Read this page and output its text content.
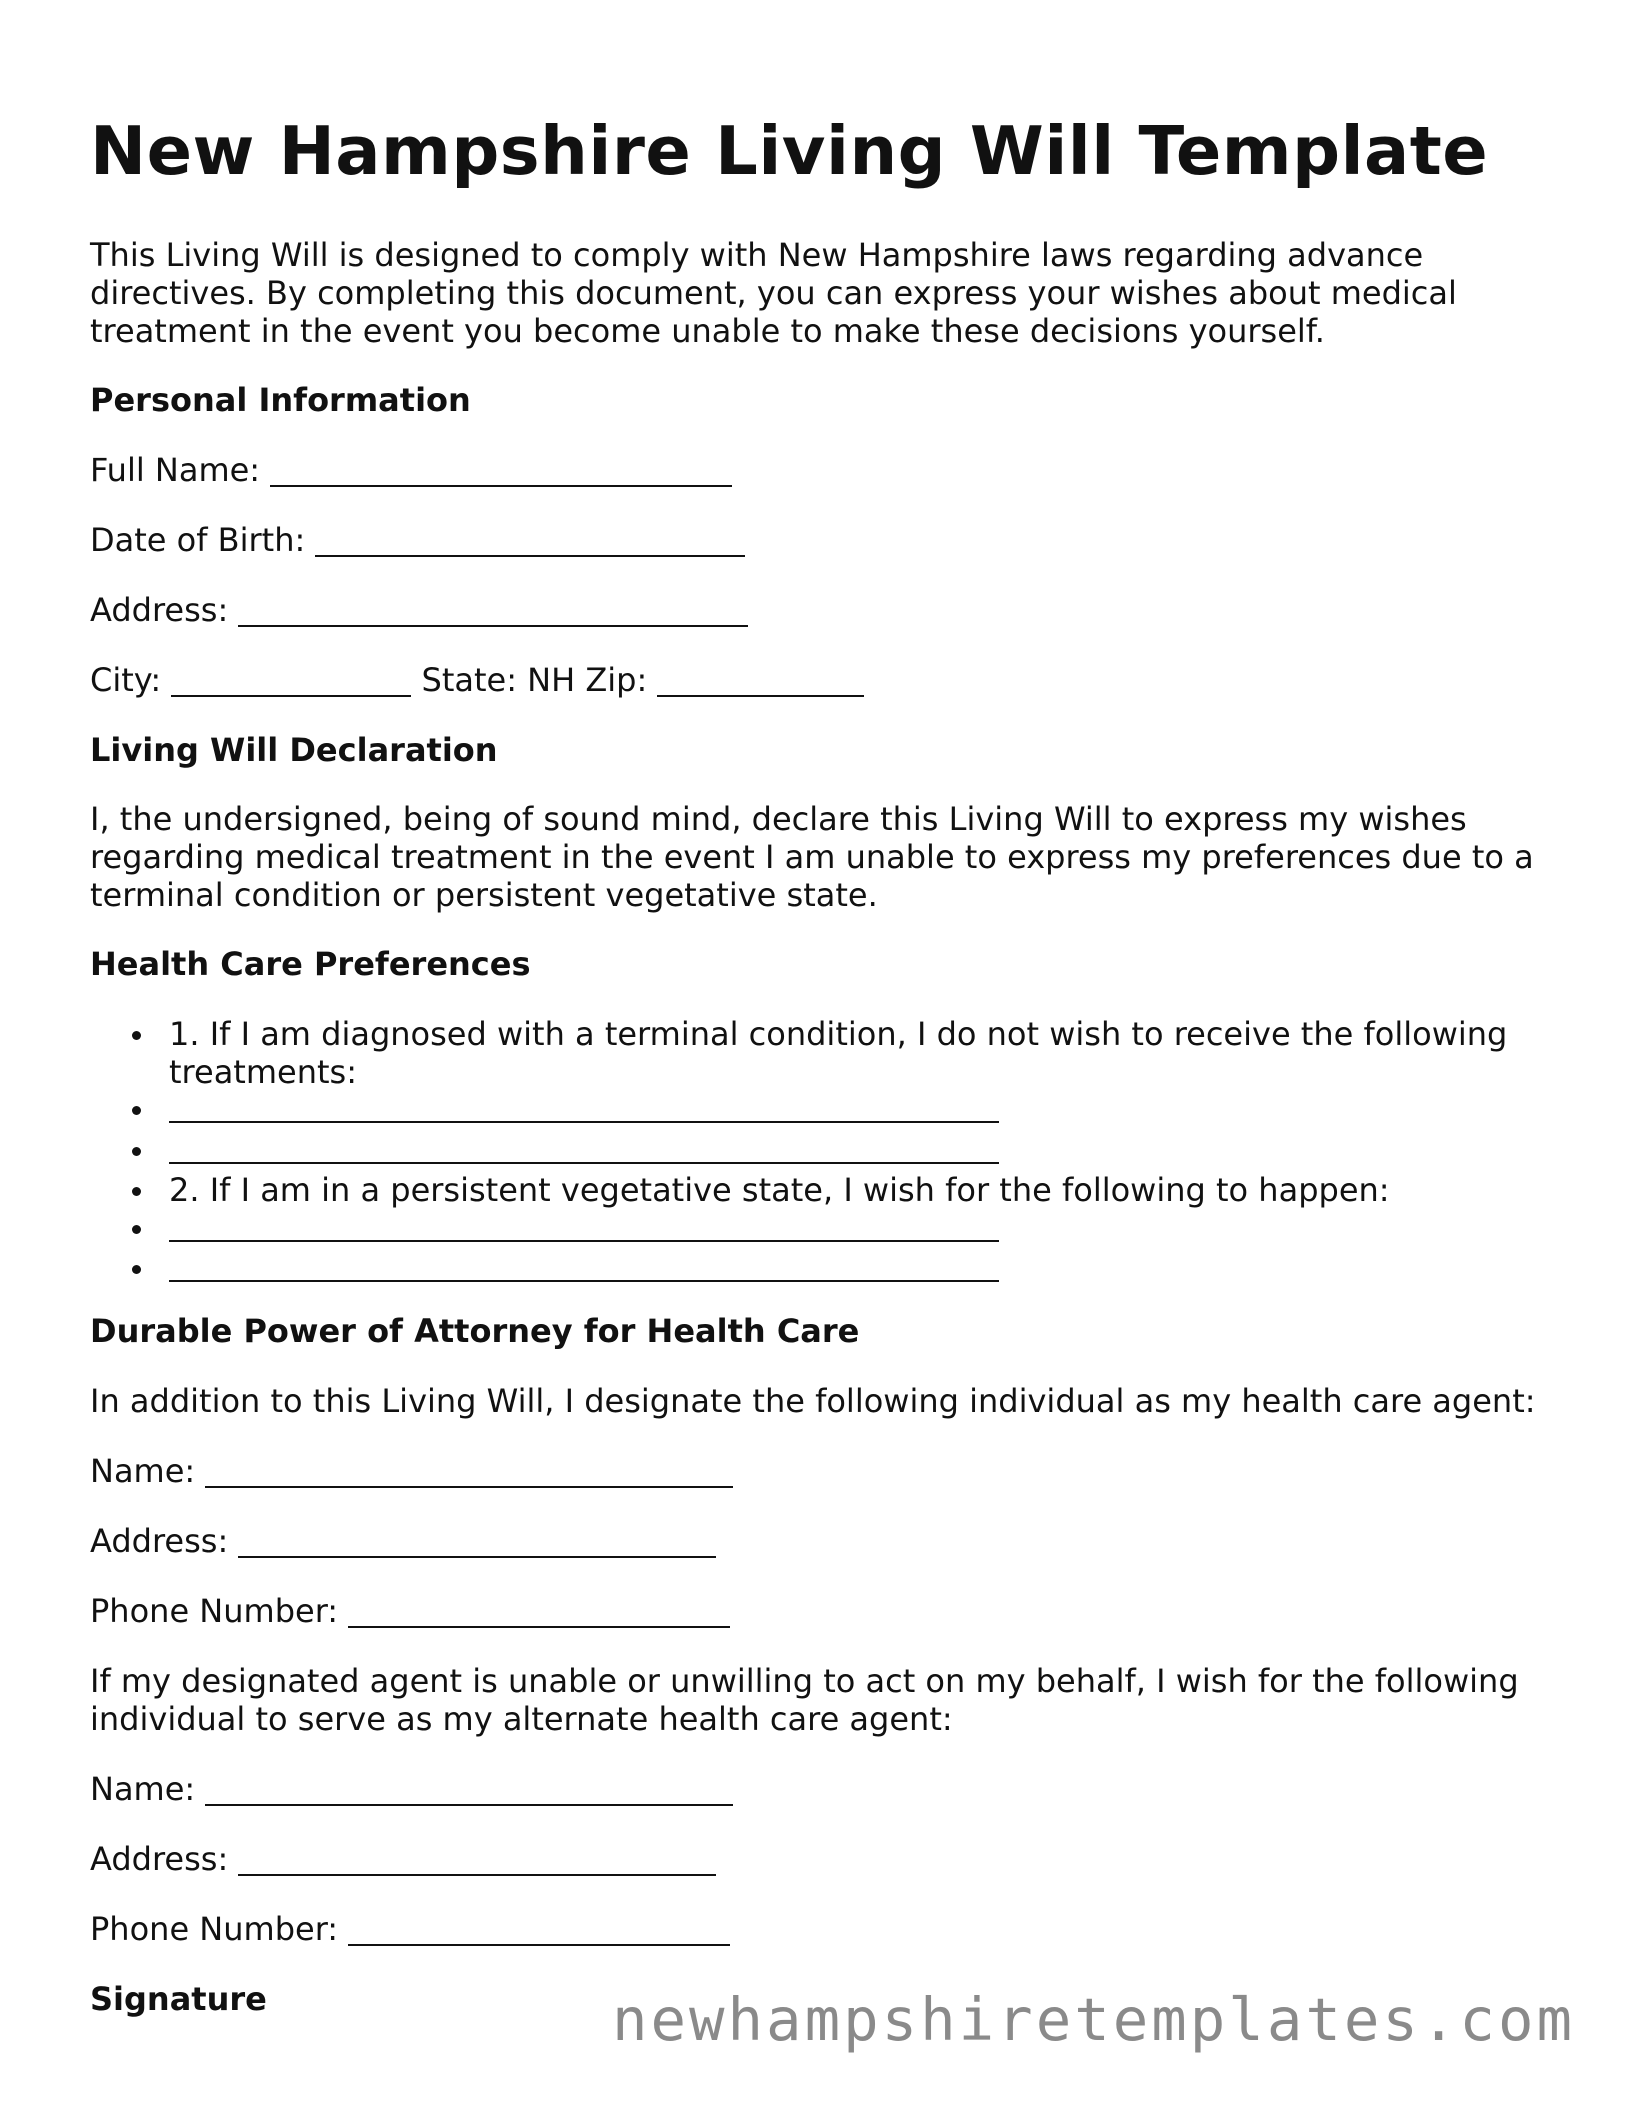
New Hampshire Living Will Template

This Living Will is designed to comply with New Hampshire laws regarding advance directives. By completing this document, you can express your wishes about medical treatment in the event you become unable to make these decisions yourself.

Personal Information

Full Name:

Date of Birth:

Address:

City:	State: NH Zip:

Living Will Declaration

I, the undersigned, being of sound mind, declare this Living Will to express my wishes regarding medical treatment in the event I am unable to express my preferences due to a terminal condition or persistent vegetative state.

Health Care Preferences

1. If I am diagnosed with a terminal condition, I do not wish to receive the following treatments:
2. If I am in a persistent vegetative state, I wish for the following to happen:

Durable Power of Attorney for Health Care

In addition to this Living Will, I designate the following individual as my health care agent:

Name:

Address:

Phone Number:

If my designated agent is unable or unwilling to act on my behalf, I wish for the following individual to serve as my alternate health care agent:

Name:

Address:

Phone Number:

Signature	newhampshiretemplates.com
